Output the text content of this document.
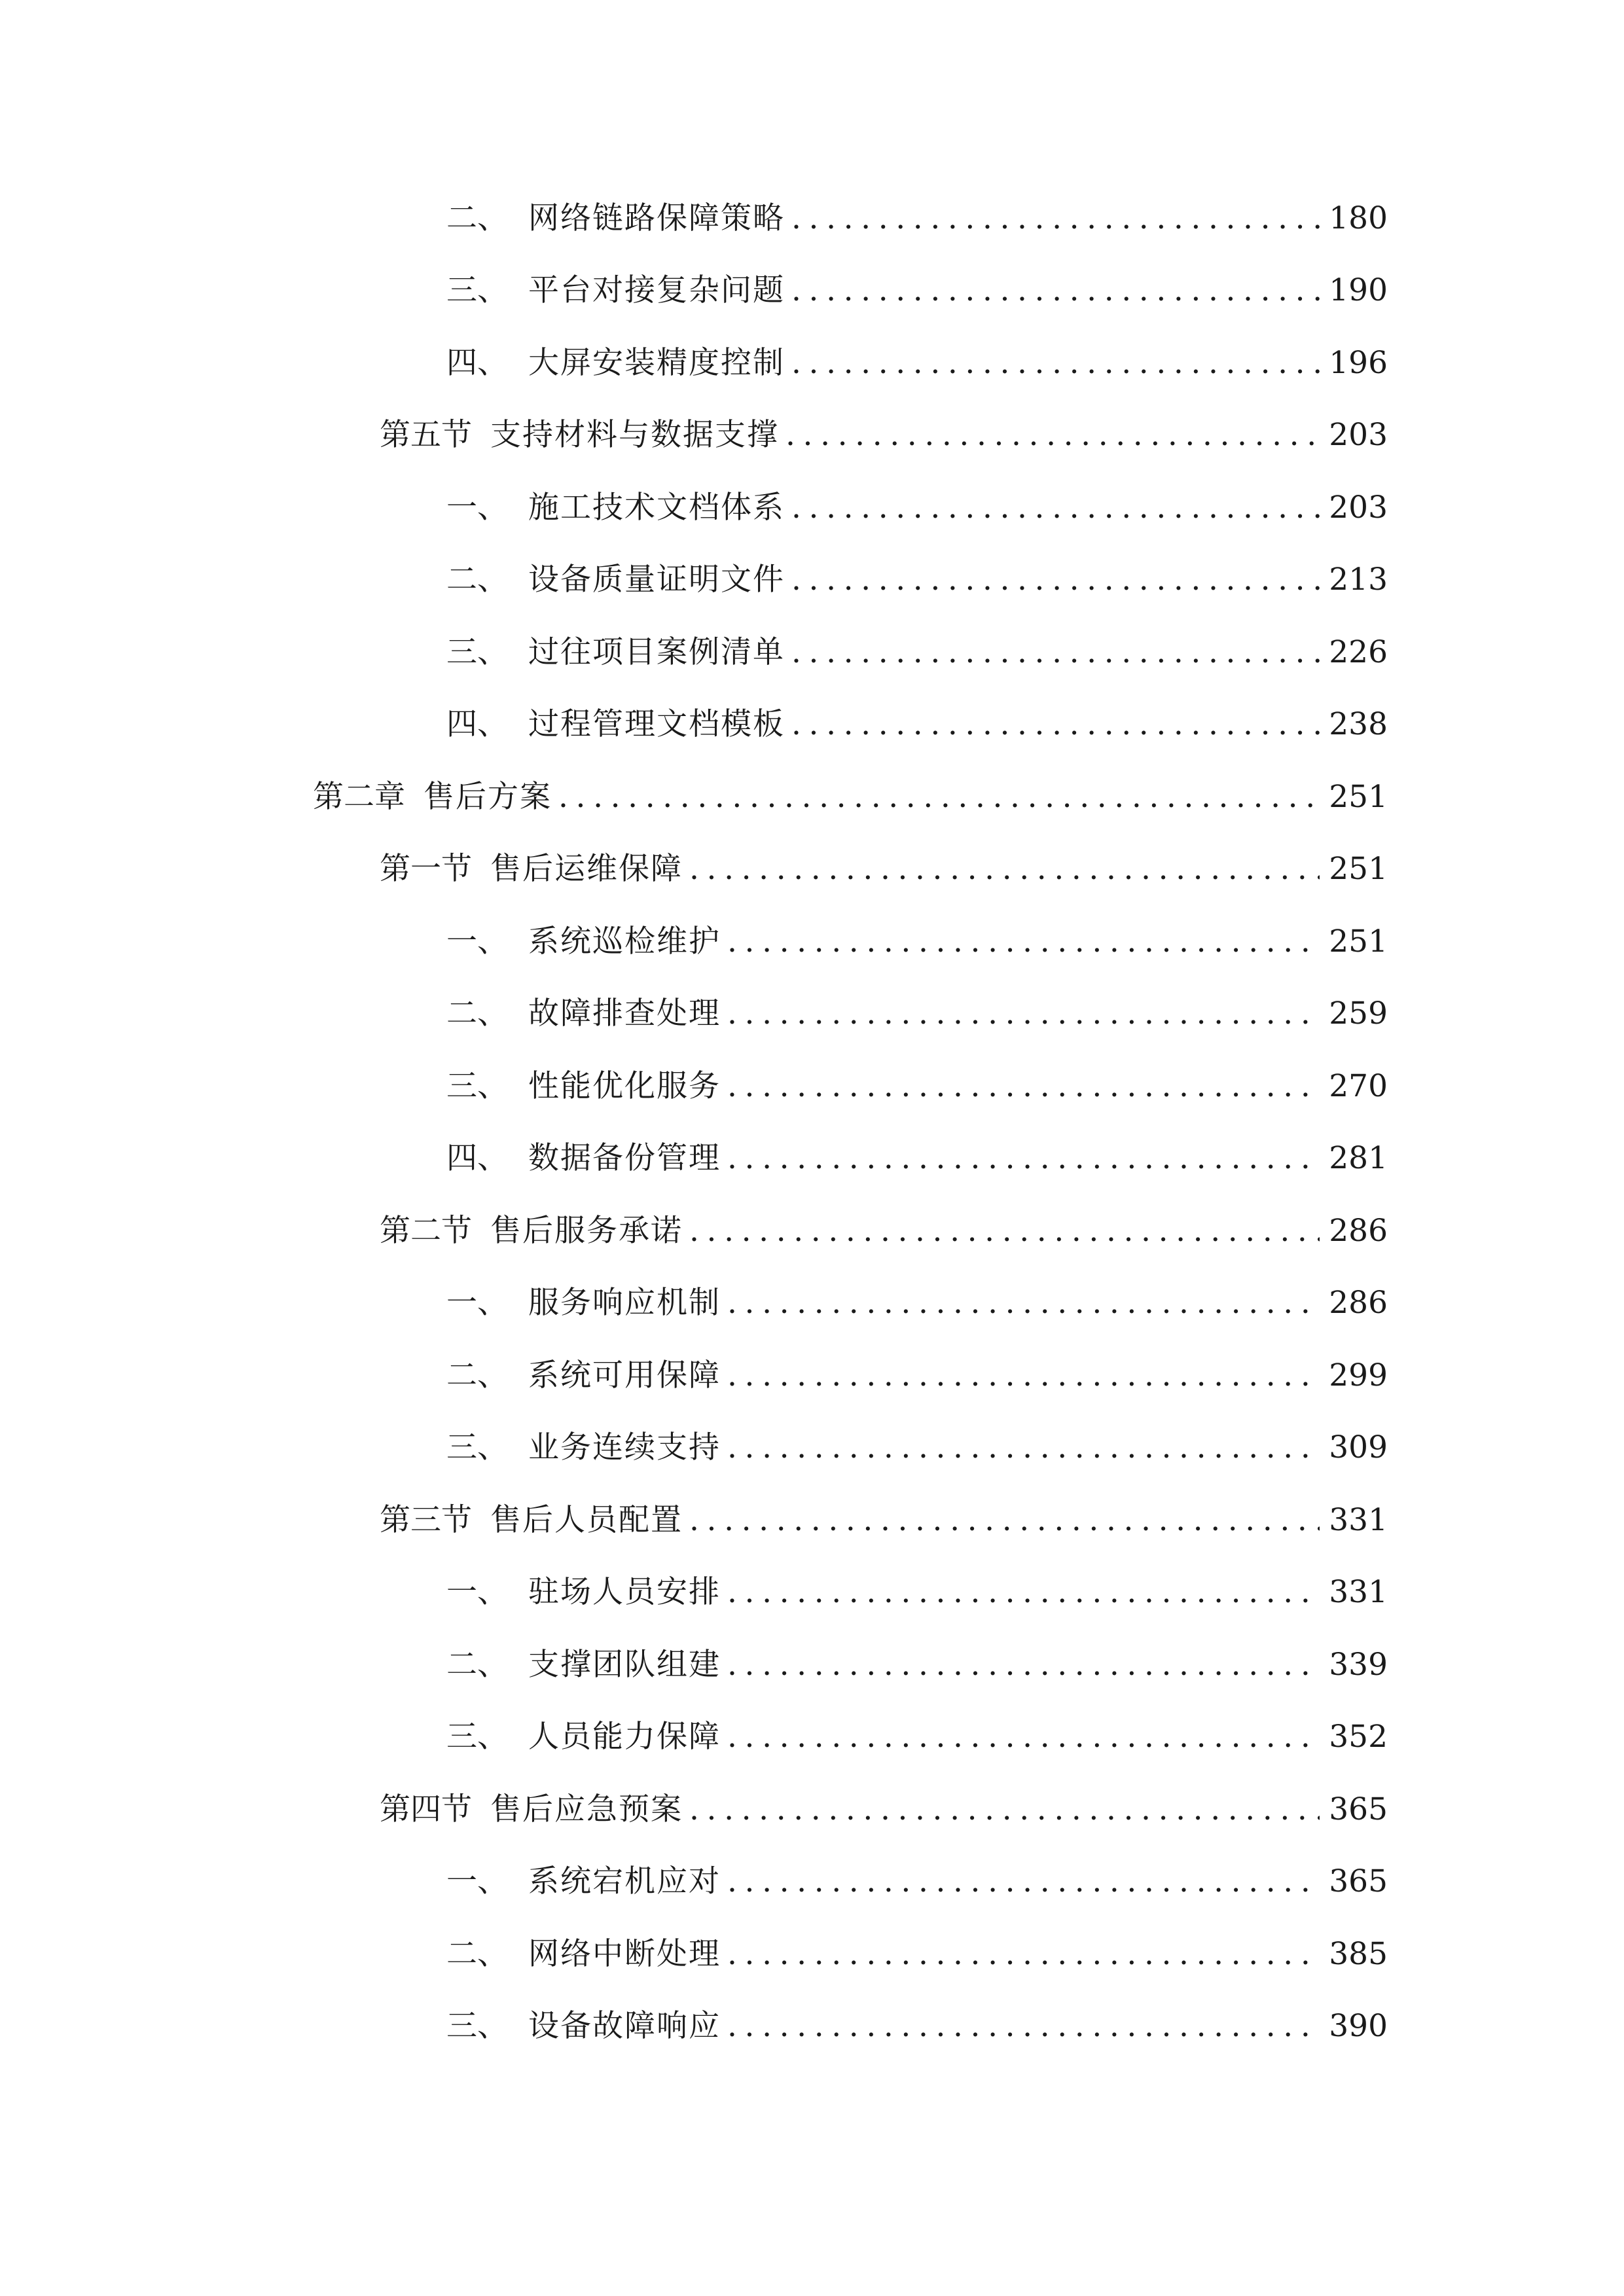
二、 网络链路保障策略 .....	180
三、 平台对接复杂问题 .....	190
四、 大屏安装精度控制 .....	196
第五节 支持材料与数据支撑 .....	203
一、 施工技术文档体系 .....	203
二、 设备质量证明文件 .....	213
三、 过往项目案例清单 .....	226
四、 过程管理文档模板 .....	238
第二章 售后方案 .....	251
第一节 售后运维保障 .....	251
一、 系统巡检维护 .....	251
二、 故障排查处理 .....	259
三、 性能优化服务 .....	270
四、 数据备份管理 .....	281
第二节 售后服务承诺 .....	286
一、 服务响应机制 .....	286
二、 系统可用保障 .....	299
三、 业务连续支持 .....	309
第三节 售后人员配置 .....	331
一、 驻场人员安排 .....	331
二、 支撑团队组建 .....	339
三、 人员能力保障 .....	352
第四节 售后应急预案 .....	365
一、 系统宕机应对 .....	365
二、 网络中断处理 .....	385
三、 设备故障响应 .....	390
